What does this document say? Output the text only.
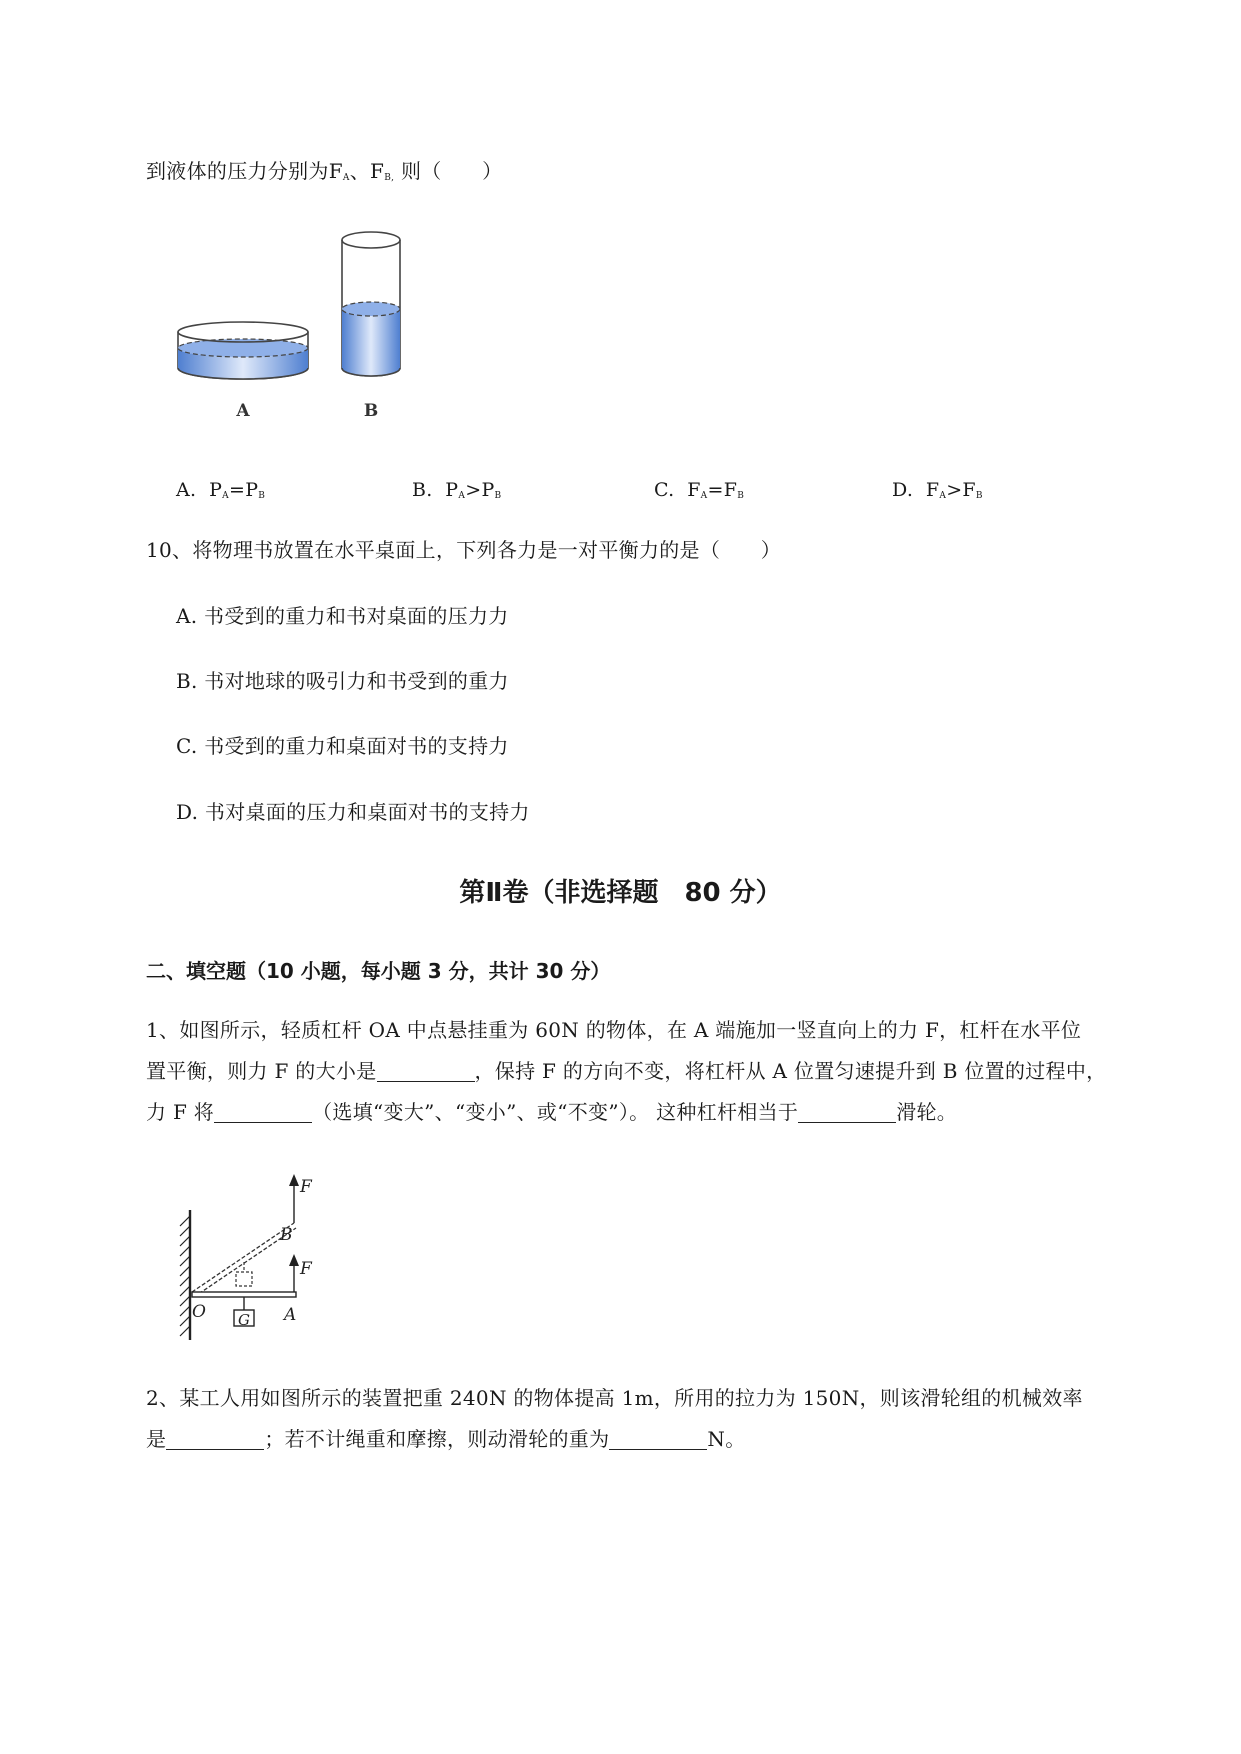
到液体的压力分别为$F_A$、$F_{B,}$ 则（　　）
A	B
A. $P_A=P_B$	B. $P_A>P_B$	C. $F_A=F_B$	D. $F_A>F_B$
10、将物理书放置在水平桌面上，下列各力是一对平衡力的是（　　）
A. 书受到的重力和书对桌面的压力力
B. 书对地球的吸引力和书受到的重力
C. 书受到的重力和桌面对书的支持力
D. 书对桌面的压力和桌面对书的支持力
第Ⅱ卷（非选择题　80 分）
二、填空题（10 小题，每小题 3 分，共计 30 分）
1、如图所示，轻质杠杆 OA 中点悬挂重为 60N 的物体，在 A 端施加一竖直向上的力 F，杠杆在水平位
置平衡，则力 F 的大小是	，保持 F 的方向不变，将杠杆从 A 位置匀速提升到 B 位置的过程中，
力 F 将	（选填“变大”、“变小”、或“不变”）。 这种杠杆相当于	滑轮。
F
B
F
O G A
2、某工人用如图所示的装置把重 240N 的物体提高 1m，所用的拉力为 150N，则该滑轮组的机械效率
是	；若不计绳重和摩擦，则动滑轮的重为	N。
